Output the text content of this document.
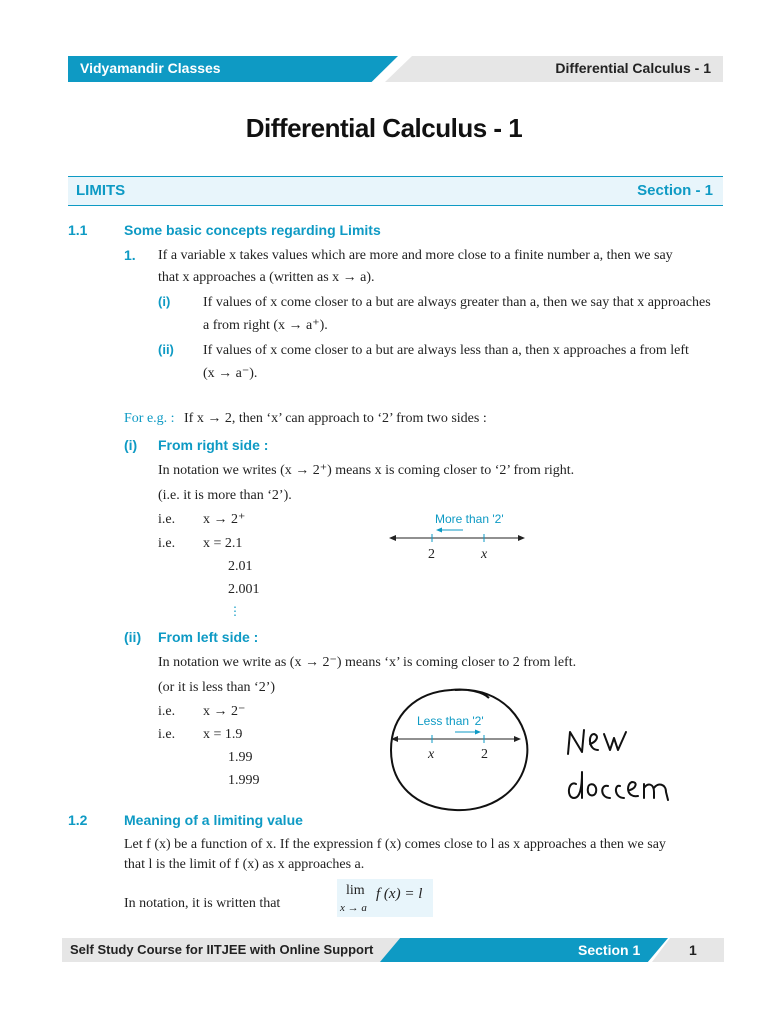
Vidyamandir Classes	Differential Calculus - 1
Differential Calculus - 1
LIMITS	Section - 1
1.1	Some basic concepts regarding Limits
1. If a variable x takes values which are more and more close to a finite number a, then we say
that x approaches a (written as x → a).
(i) If values of x come closer to a but are always greater than a, then we say that x approaches
a from right (x → a⁺).
(ii) If values of x come closer to a but are always less than a, then x approaches a from left
(x → a⁻).
For e.g. : If x → 2, then ‘x’ can approach to ‘2’ from two sides :
(i) From right side :
In notation we writes (x → 2⁺) means x is coming closer to ‘2’ from right.
(i.e. it is more than ‘2’).
i.e. x → 2⁺
i.e. x = 2.1
2.01
2.001
⋮
More than '2'
2	x
(ii) From left side :
In notation we write as (x → 2⁻) means ‘x’ is coming closer to 2 from left.
(or it is less than ‘2’)
i.e. x → 2⁻
i.e. x = 1.9
1.99
1.999
Less than '2'
x	2
1.2	Meaning of a limiting value
Let f (x) be a function of x. If the expression f (x) comes close to l as x approaches a then we say
that l is the limit of f (x) as x approaches a.
In notation, it is written that
lim
x → a
f (x) = l
Self Study Course for IITJEE with Online Support	Section 1	1
